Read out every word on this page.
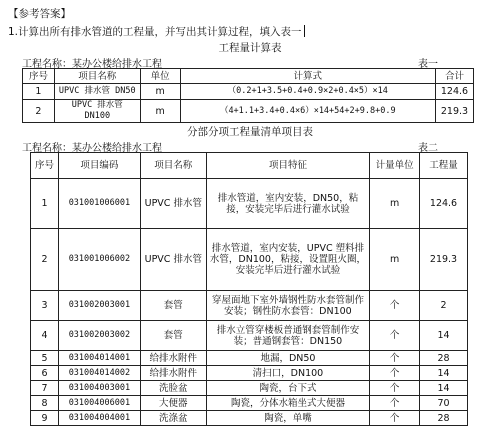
【参考答案】
1.计算出所有排水管道的工程量，并写出其计算过程，填入表一
工程量计算表
工程名称：某办公楼给排水工程	表一
序号	项目名称	单位	计算式	合计
1	UPVC 排水管 DN50	m	（0.2+1+3.5+0.4+0.9×2+0.4×5）×14	124.6
2	UPVC 排水管 DN100	m	（4+1.1+3.4+0.4×6）×14+54+2+9.8+0.9	219.3
分部分项工程量清单项目表
工程名称：某办公楼给排水工程	表二
序号	项目编码	项目名称	项目特征	计量单位	工程量
1	031001006001	UPVC 排水管	排水管道，室内安装，DN50，粘接，安装完毕后进行灌水试验	m	124.6
2	031001006002	UPVC 排水管	排水管道，室内安装，UPVC 塑料排水管，DN100，粘接，设置阻火圈，安装完毕后进行灌水试验	m	219.3
3	031002003001	套管	穿屋面地下室外墙钢性防水套管制作安装；钢性防水套管：DN100	个	2
4	031002003002	套管	排水立管穿楼板普通钢套管制作安装；普通钢套管：DN150	个	14
5	031004014001	给排水附件	地漏，DN50	个	28
6	031004014002	给排水附件	清扫口，DN100	个	14
7	031004003001	洗脸盆	陶瓷，台下式	个	14
8	031004006001	大便器	陶瓷，分体水箱坐式大便器	个	70
9	031004004001	洗涤盆	陶瓷，单嘴	个	28
